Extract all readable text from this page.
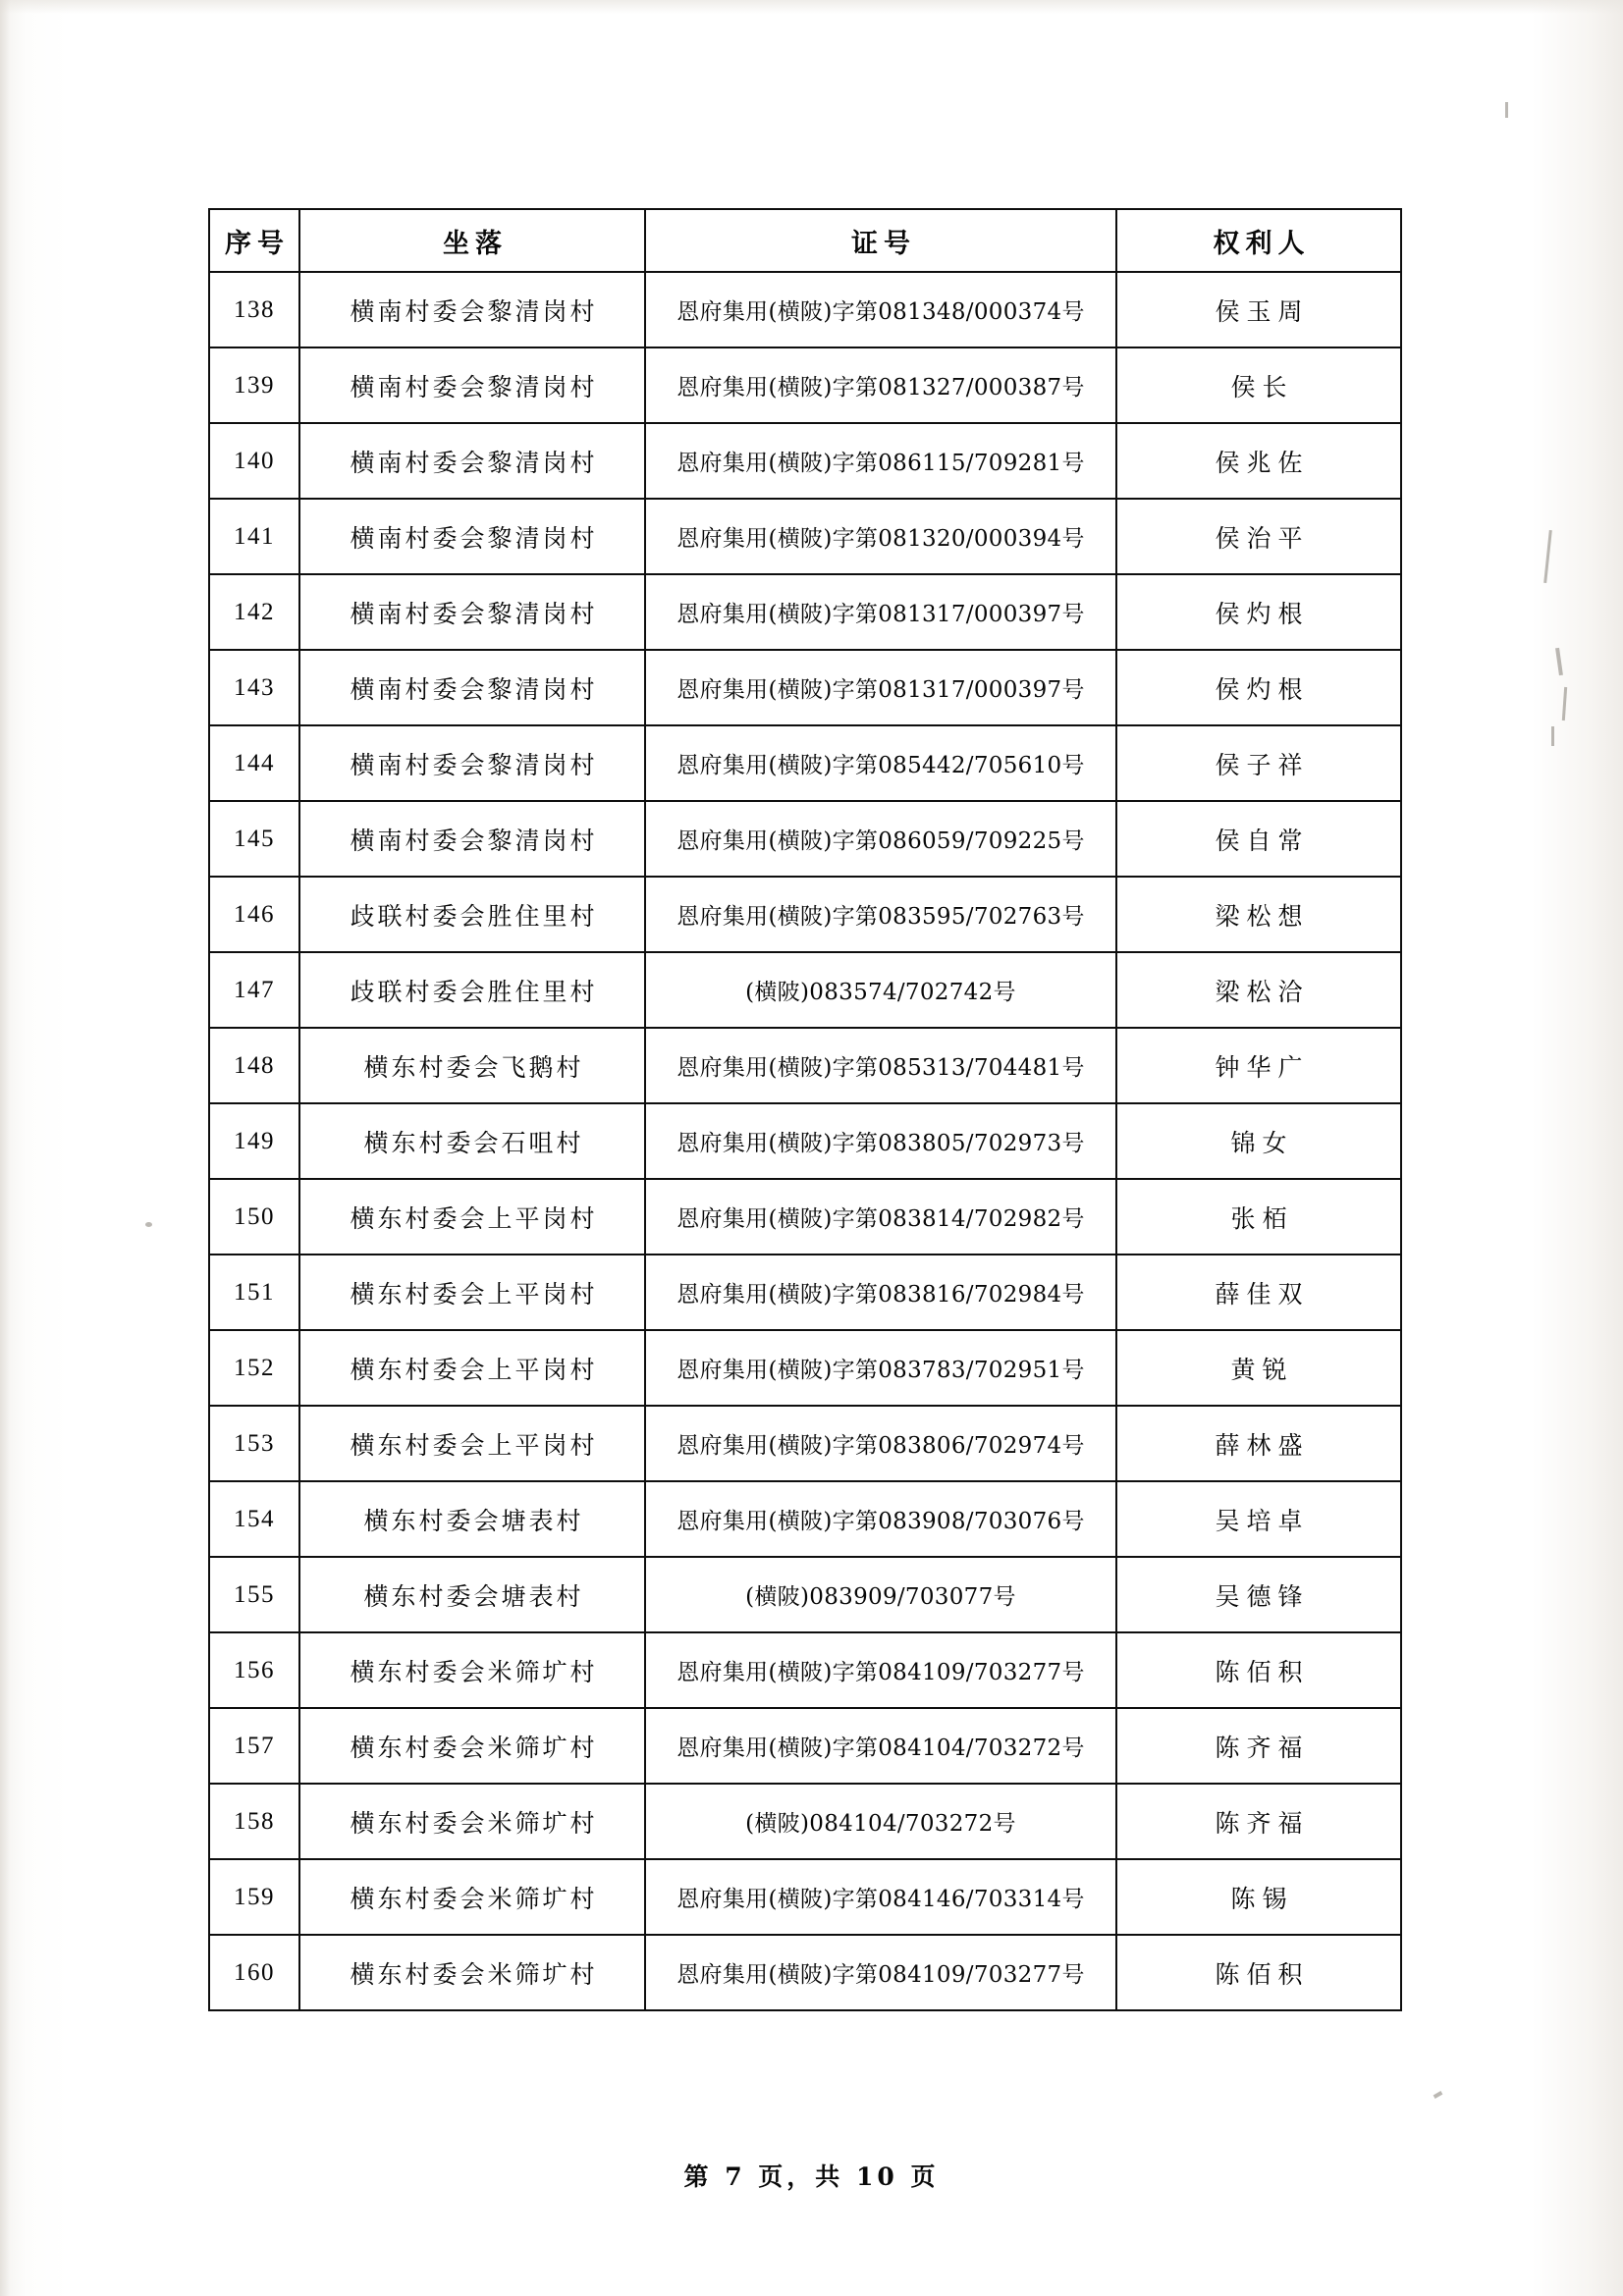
序号	坐落	证号	权利人
138	横南村委会黎清岗村	恩府集用(横陂)字第081348/000374号	侯玉周
139	横南村委会黎清岗村	恩府集用(横陂)字第081327/000387号	侯长
140	横南村委会黎清岗村	恩府集用(横陂)字第086115/709281号	侯兆佐
141	横南村委会黎清岗村	恩府集用(横陂)字第081320/000394号	侯治平
142	横南村委会黎清岗村	恩府集用(横陂)字第081317/000397号	侯灼根
143	横南村委会黎清岗村	恩府集用(横陂)字第081317/000397号	侯灼根
144	横南村委会黎清岗村	恩府集用(横陂)字第085442/705610号	侯子祥
145	横南村委会黎清岗村	恩府集用(横陂)字第086059/709225号	侯自常
146	歧联村委会胜住里村	恩府集用(横陂)字第083595/702763号	梁松想
147	歧联村委会胜住里村	(横陂)083574/702742号	梁松洽
148	横东村委会飞鹅村	恩府集用(横陂)字第085313/704481号	钟华广
149	横东村委会石咀村	恩府集用(横陂)字第083805/702973号	锦女
150	横东村委会上平岗村	恩府集用(横陂)字第083814/702982号	张栢
151	横东村委会上平岗村	恩府集用(横陂)字第083816/702984号	薛佳双
152	横东村委会上平岗村	恩府集用(横陂)字第083783/702951号	黄锐
153	横东村委会上平岗村	恩府集用(横陂)字第083806/702974号	薛林盛
154	横东村委会塘表村	恩府集用(横陂)字第083908/703076号	吴培卓
155	横东村委会塘表村	(横陂)083909/703077号	吴德锋
156	横东村委会米筛圹村	恩府集用(横陂)字第084109/703277号	陈佰积
157	横东村委会米筛圹村	恩府集用(横陂)字第084104/703272号	陈齐福
158	横东村委会米筛圹村	(横陂)084104/703272号	陈齐福
159	横东村委会米筛圹村	恩府集用(横陂)字第084146/703314号	陈锡
160	横东村委会米筛圹村	恩府集用(横陂)字第084109/703277号	陈佰积
第 7 页，共 10 页
